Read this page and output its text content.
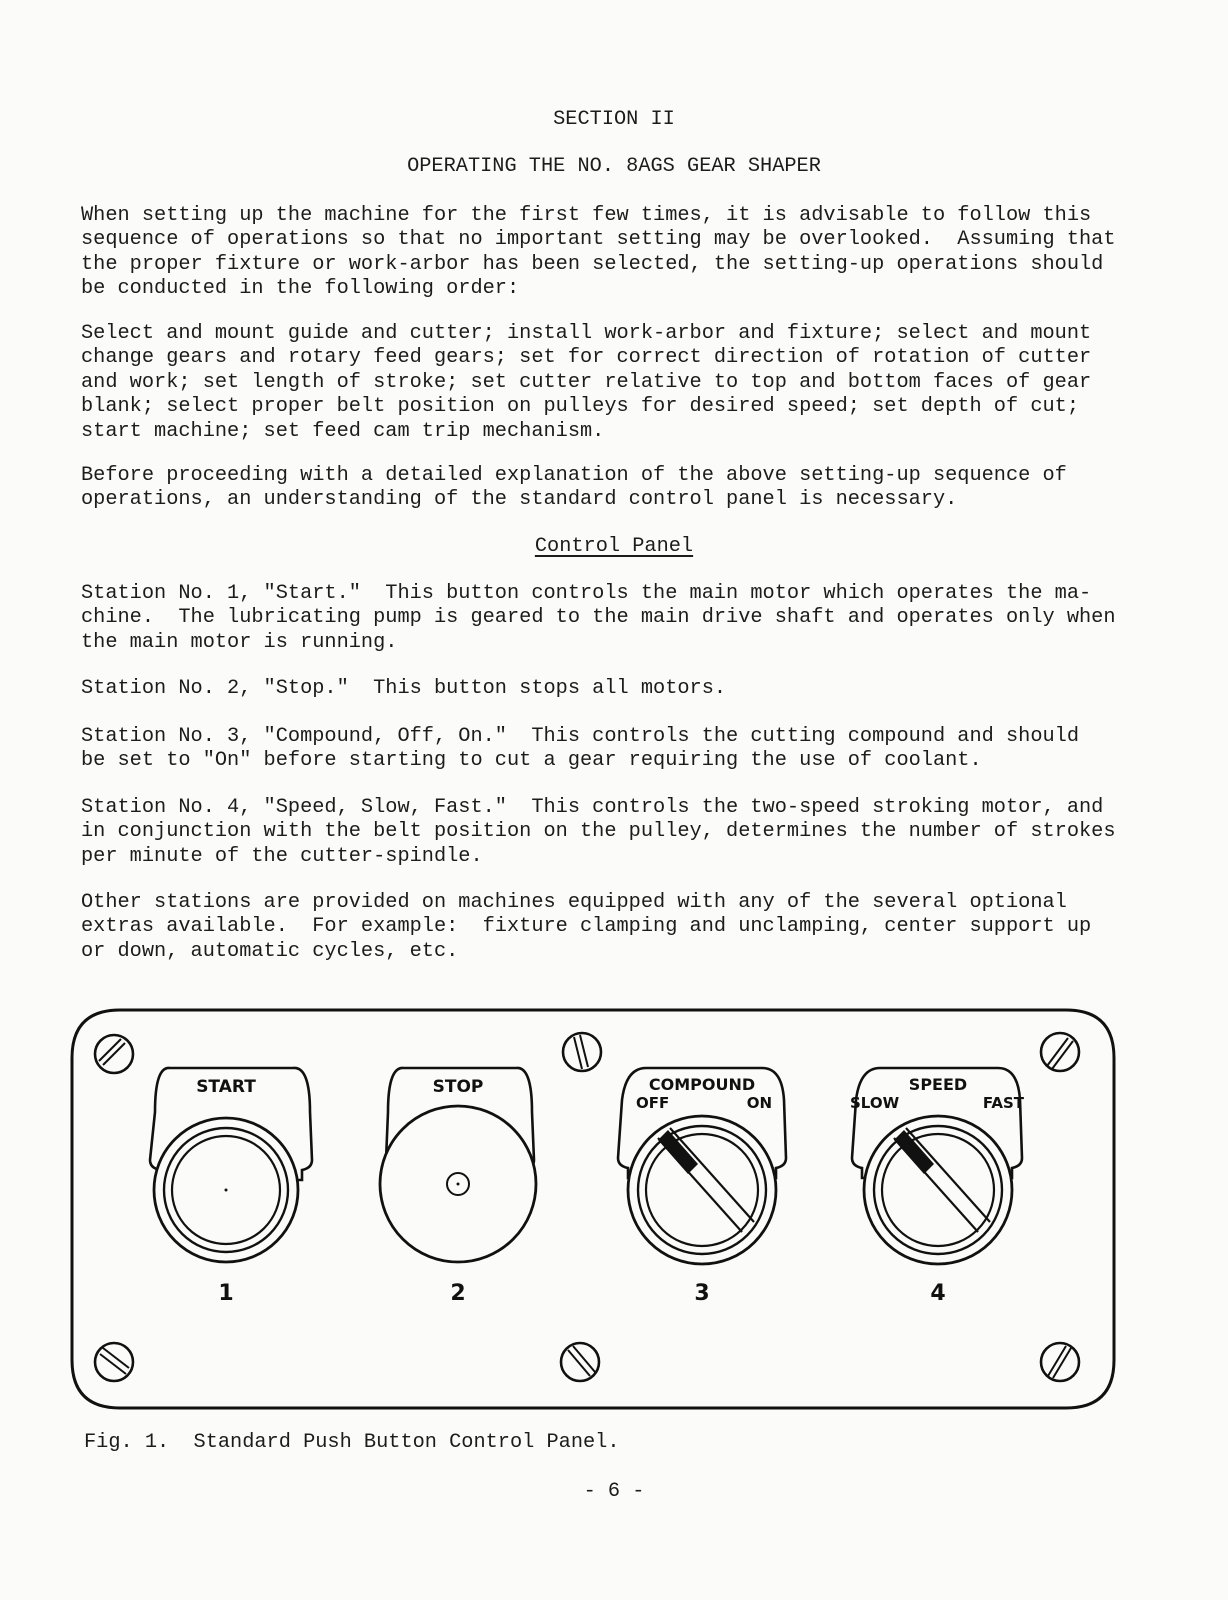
SECTION II
OPERATING THE NO. 8AGS GEAR SHAPER
When setting up the machine for the first few times, it is advisable to follow this
sequence of operations so that no important setting may be overlooked.  Assuming that
the proper fixture or work-arbor has been selected, the setting-up operations should
be conducted in the following order:
Select and mount guide and cutter; install work-arbor and fixture; select and mount
change gears and rotary feed gears; set for correct direction of rotation of cutter
and work; set length of stroke; set cutter relative to top and bottom faces of gear
blank; select proper belt position on pulleys for desired speed; set depth of cut;
start machine; set feed cam trip mechanism.
Before proceeding with a detailed explanation of the above setting-up sequence of
operations, an understanding of the standard control panel is necessary.
Control Panel
Station No. 1, "Start."  This button controls the main motor which operates the ma-
chine.  The lubricating pump is geared to the main drive shaft and operates only when
the main motor is running.
Station No. 2, "Stop."  This button stops all motors.
Station No. 3, "Compound, Off, On."  This controls the cutting compound and should
be set to "On" before starting to cut a gear requiring the use of coolant.
Station No. 4, "Speed, Slow, Fast."  This controls the two-speed stroking motor, and
in conjunction with the belt position on the pulley, determines the number of strokes
per minute of the cutter-spindle.
Other stations are provided on machines equipped with any of the several optional
extras available.  For example:  fixture clamping and unclamping, center support up
or down, automatic cycles, etc.
START
1
STOP
2
COMPOUND
OFF	ON
3
SPEED
SLOW	FAST
4
Fig. 1.  Standard Push Button Control Panel.
- 6 -
